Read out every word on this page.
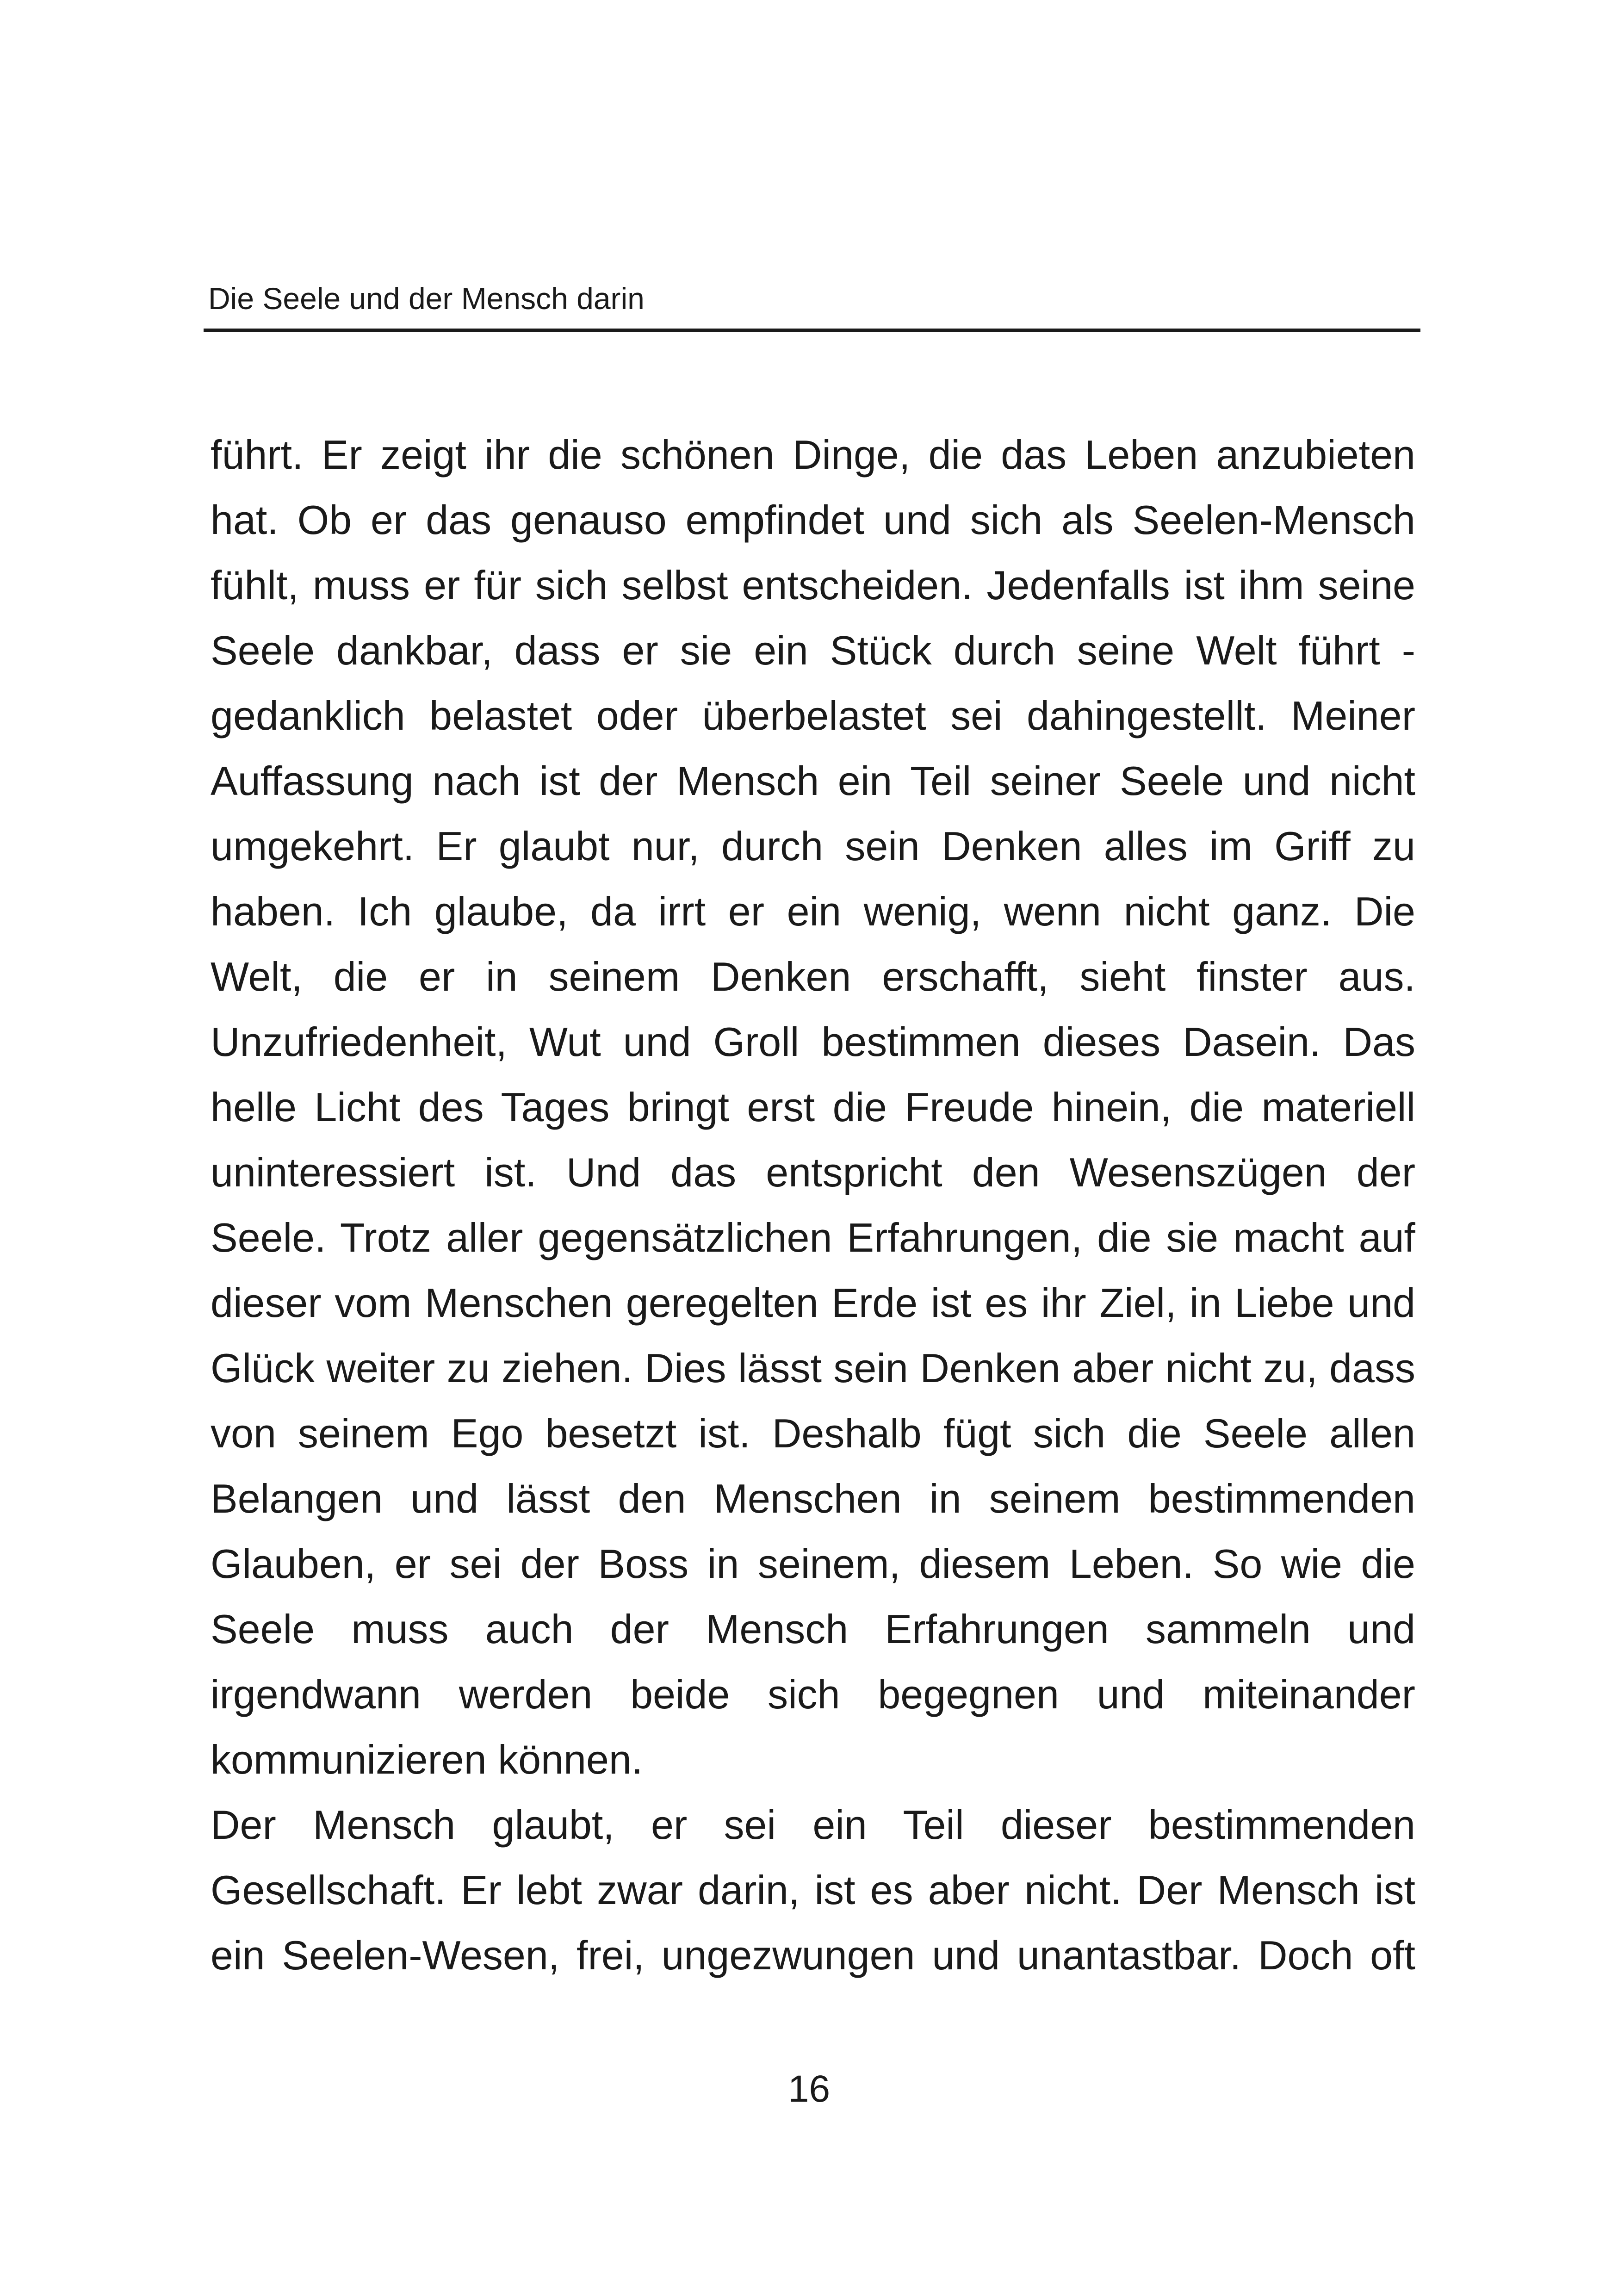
Die Seele und der Mensch darin
führt. Er zeigt ihr die schönen Dinge, die das Leben anzubieten
hat. Ob er das genauso empfindet und sich als Seelen-Mensch
fühlt, muss er für sich selbst entscheiden. Jedenfalls ist ihm seine
Seele dankbar, dass er sie ein Stück durch seine Welt führt -
gedanklich belastet oder überbelastet sei dahingestellt. Meiner
Auffassung nach ist der Mensch ein Teil seiner Seele und nicht
umgekehrt. Er glaubt nur, durch sein Denken alles im Griff zu
haben. Ich glaube, da irrt er ein wenig, wenn nicht ganz. Die
Welt, die er in seinem Denken erschafft, sieht finster aus.
Unzufriedenheit, Wut und Groll bestimmen dieses Dasein. Das
helle Licht des Tages bringt erst die Freude hinein, die materiell
uninteressiert ist. Und das entspricht den Wesenszügen der
Seele. Trotz aller gegensätzlichen Erfahrungen, die sie macht auf
dieser vom Menschen geregelten Erde ist es ihr Ziel, in Liebe und
Glück weiter zu ziehen. Dies lässt sein Denken aber nicht zu, dass
von seinem Ego besetzt ist. Deshalb fügt sich die Seele allen
Belangen und lässt den Menschen in seinem bestimmenden
Glauben, er sei der Boss in seinem, diesem Leben. So wie die
Seele muss auch der Mensch Erfahrungen sammeln und
irgendwann werden beide sich begegnen und miteinander
kommunizieren können.
Der Mensch glaubt, er sei ein Teil dieser bestimmenden
Gesellschaft. Er lebt zwar darin, ist es aber nicht. Der Mensch ist
ein Seelen-Wesen, frei, ungezwungen und unantastbar. Doch oft
16
